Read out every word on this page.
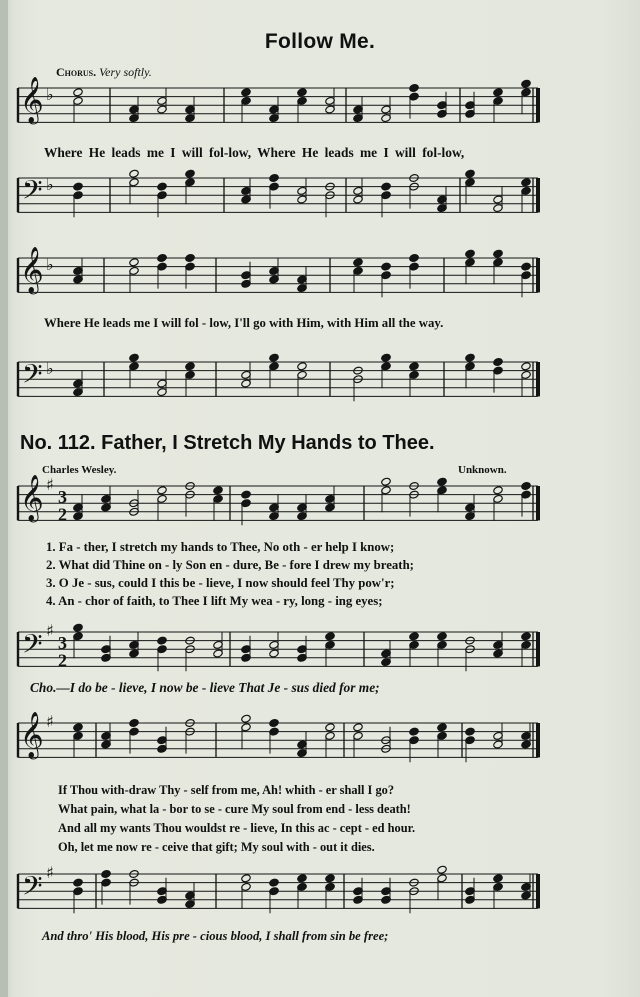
Follow Me.
Chorus. Very softly.
𝄞 ♭
𝄢 ♭
𝄞 ♭
𝄢 ♭
𝄞 ♯
3
2
𝄢 ♯
3
2
𝄞 ♯
𝄢 ♯
Where He leads me I will fol-low, Where He leads me I will fol-low,
Where He leads me I will fol - low, I'll go with Him, with Him all the way.
No. 112. Father, I Stretch My Hands to Thee.
Charles Wesley.	Unknown.
1. Fa - ther, I stretch my hands to Thee, No oth - er help I know;
2. What did Thine on - ly Son en - dure, Be - fore I drew my breath;
3. O Je - sus, could I this be - lieve, I now should feel Thy pow'r;
4. An - chor of faith, to Thee I lift My wea - ry, long - ing eyes;
Cho.—I do be - lieve, I now be - lieve That Je - sus died for me;
If Thou with-draw Thy - self from me, Ah! whith - er shall I go?
What pain, what la - bor to se - cure My soul from end - less death!
And all my wants Thou wouldst re - lieve, In this ac - cept - ed hour.
Oh, let me now re - ceive that gift; My soul with - out it dies.
And thro' His blood, His pre - cious blood, I shall from sin be free;
